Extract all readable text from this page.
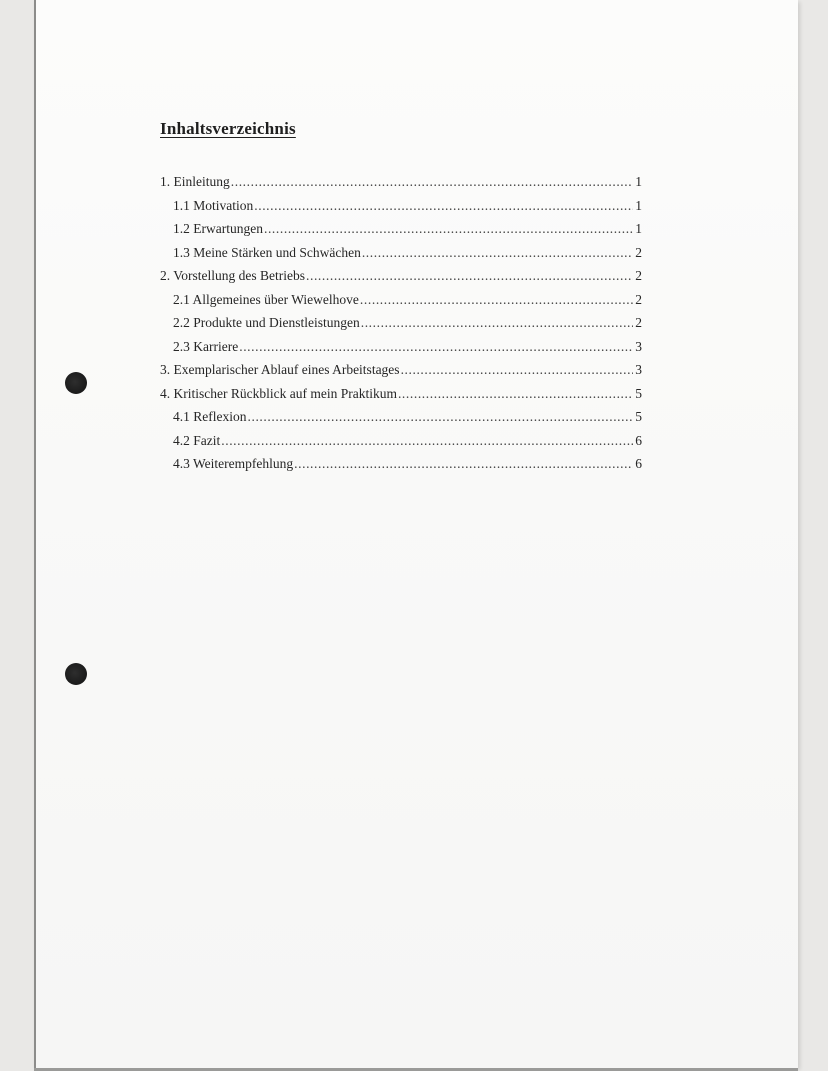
Inhaltsverzeichnis
1. Einleitung .....	1
1.1 Motivation .....	1
1.2 Erwartungen .....	1
1.3 Meine Stärken und Schwächen .....	2
2. Vorstellung des Betriebs .....	2
2.1 Allgemeines über Wiewelhove .....	2
2.2 Produkte und Dienstleistungen .....	2
2.3 Karriere .....	3
3. Exemplarischer Ablauf eines Arbeitstages .....	3
4. Kritischer Rückblick auf mein Praktikum .....	5
4.1 Reflexion .....	5
4.2 Fazit .....	6
4.3 Weiterempfehlung .....	6
